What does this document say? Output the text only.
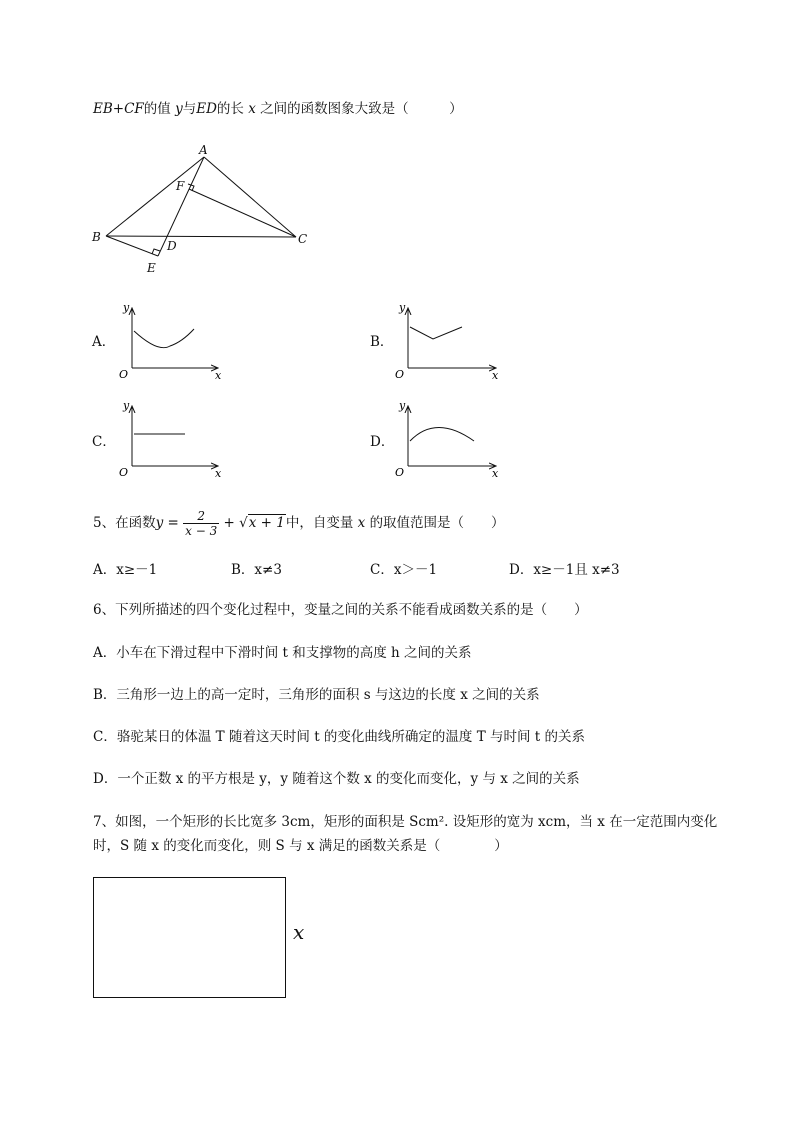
EB+CF的值 y与ED的长 x 之间的函数图象大致是（　　　）
A
B	C
D
E
F
A．
y
x
O
B．
y
x
O
C．
y
x
O
D．
y
x
O
5、在函数$y = \frac{2}{x - 3} + √x + 1$中，自变量 x 的取值范围是（　　）
A．x≥－1	B．x≠3	C．x＞－1	D．x≥－1且 x≠3
6、下列所描述的四个变化过程中，变量之间的关系不能看成函数关系的是（　　）
A．小车在下滑过程中下滑时间 t 和支撑物的高度 h 之间的关系
B．三角形一边上的高一定时，三角形的面积 s 与这边的长度 x 之间的关系
C．骆驼某日的体温 T 随着这天时间 t 的变化曲线所确定的温度 T 与时间 t 的关系
D．一个正数 x 的平方根是 y，y 随着这个数 x 的变化而变化，y 与 x 之间的关系
7、如图，一个矩形的长比宽多 3cm，矩形的面积是 Scm². 设矩形的宽为 xcm，当 x 在一定范围内变化
时，S 随 x 的变化而变化，则 S 与 x 满足的函数关系是（　　　　）
x
